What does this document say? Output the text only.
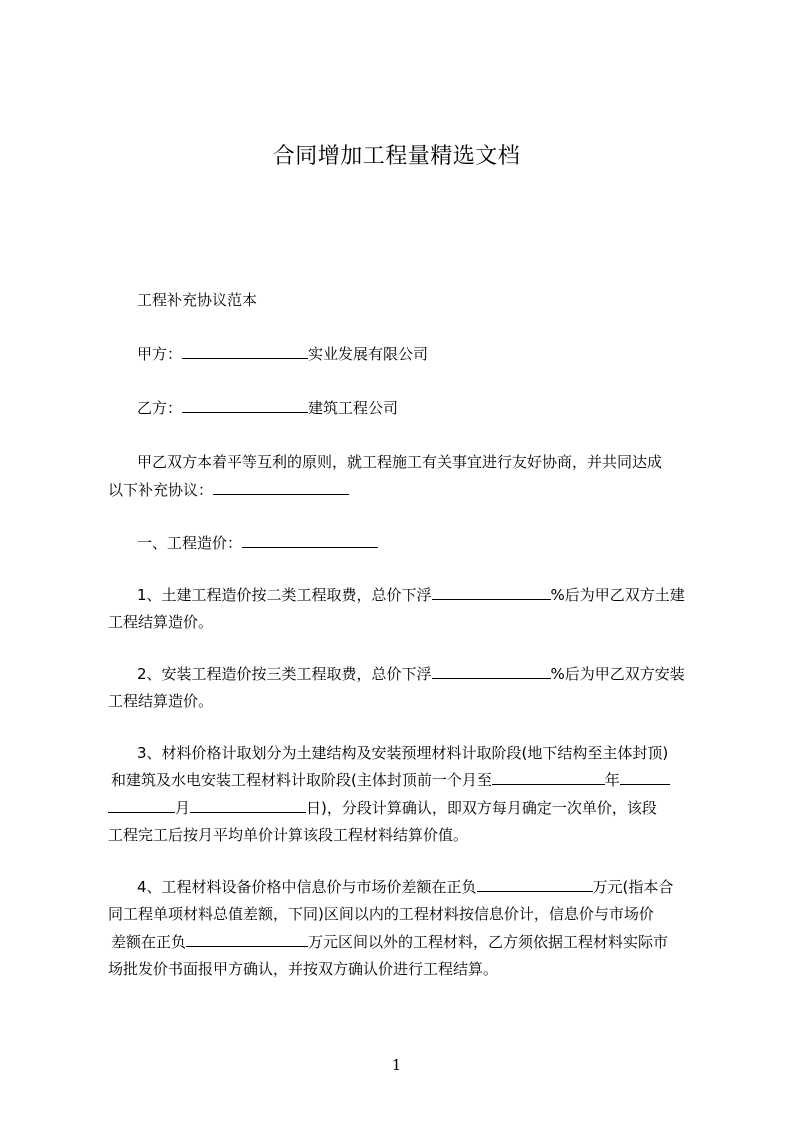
合同增加工程量精选文档
工程补充协议范本
甲方：	实业发展有限公司
乙方：	建筑工程公司
甲乙双方本着平等互利的原则，就工程施工有关事宜进行友好协商，并共同达成
以下补充协议：
一、工程造价：
1、土建工程造价按二类工程取费，总价下浮	%后为甲乙双方土建
工程结算造价。
2、安装工程造价按三类工程取费，总价下浮	%后为甲乙双方安装
工程结算造价。
3、材料价格计取划分为土建结构及安装预埋材料计取阶段(地下结构至主体封顶)
和建筑及水电安装工程材料计取阶段(主体封顶前一个月至	年
月	日)，分段计算确认，即双方每月确定一次单价，该段
工程完工后按月平均单价计算该段工程材料结算价值。
4、工程材料设备价格中信息价与市场价差额在正负	万元(指本合
同工程单项材料总值差额，下同)区间以内的工程材料按信息价计，信息价与市场价
差额在正负	万元区间以外的工程材料，乙方须依据工程材料实际市
场批发价书面报甲方确认，并按双方确认价进行工程结算。
1
